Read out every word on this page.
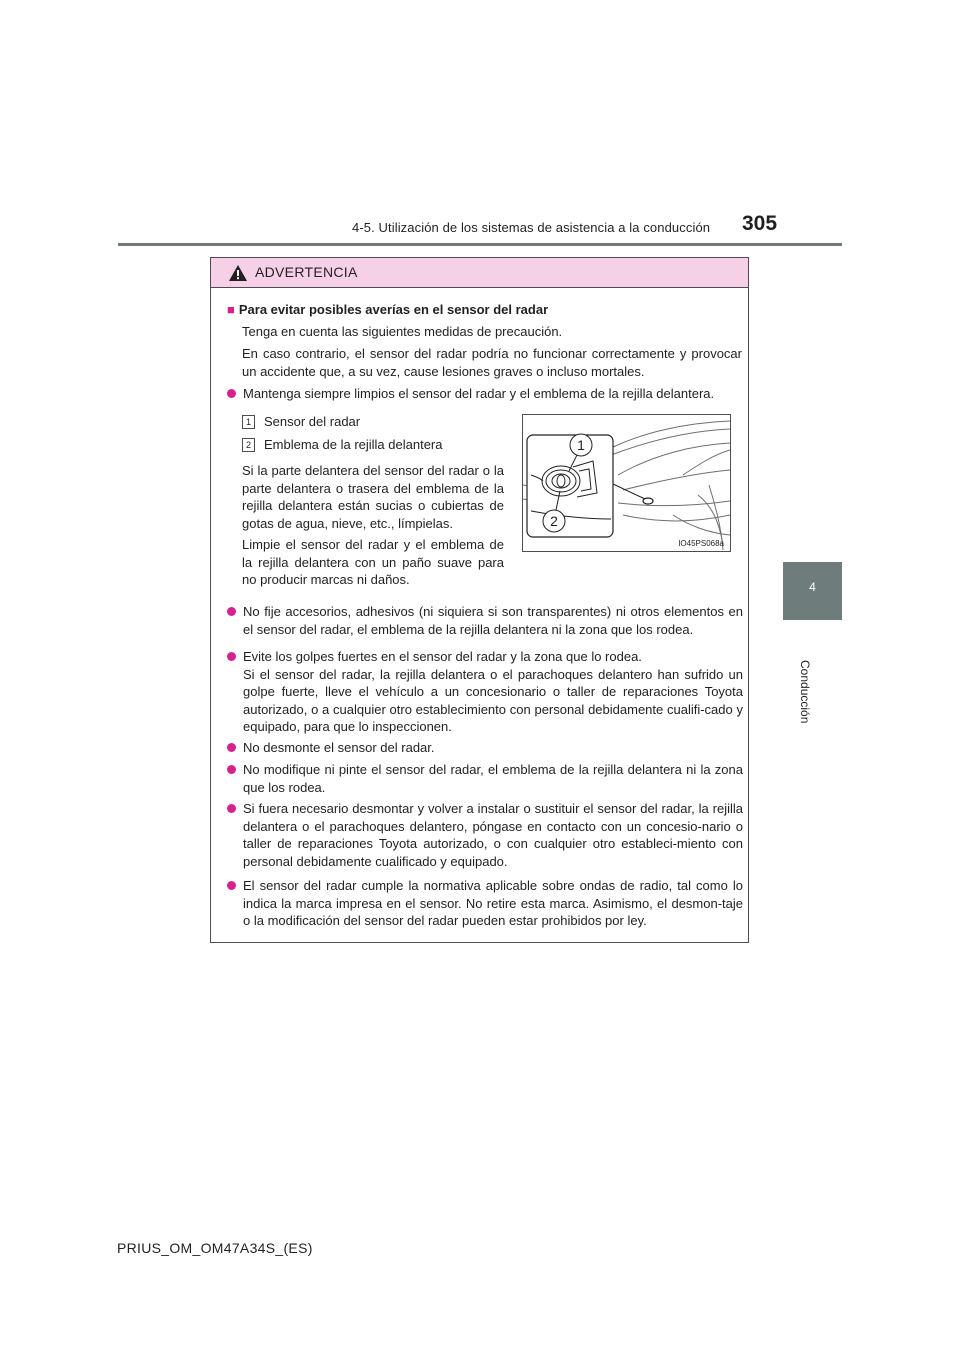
4-5. Utilización de los sistemas de asistencia a la conducción 305
4
Conducción
ADVERTENCIA
■ Para evitar posibles averías en el sensor del radar

Tenga en cuenta las siguientes medidas de precaución.

En caso contrario, el sensor del radar podría no funcionar correctamente y provocar un accidente que, a su vez, cause lesiones graves o incluso mortales.

Mantenga siempre limpios el sensor del radar y el emblema de la rejilla delantera.

1 Sensor del radar

2 Emblema de la rejilla delantera

Si la parte delantera del sensor del radar o la parte delantera o trasera del emblema de la rejilla delantera están sucias o cubiertas de gotas de agua, nieve, etc., límpielas.

Limpie el sensor del radar y el emblema de la rejilla delantera con un paño suave para no producir marcas ni daños.

No fije accesorios, adhesivos (ni siquiera si son transparentes) ni otros elementos en el sensor del radar, el emblema de la rejilla delantera ni la zona que los rodea.

Evite los golpes fuertes en el sensor del radar y la zona que lo rodea.

Si el sensor del radar, la rejilla delantera o el parachoques delantero han sufrido un golpe fuerte, lleve el vehículo a un concesionario o taller de reparaciones Toyota autorizado, o a cualquier otro establecimiento con personal debidamente cualifi-cado y equipado, para que lo inspeccionen.

No desmonte el sensor del radar.

No modifique ni pinte el sensor del radar, el emblema de la rejilla delantera ni la zona que los rodea.

Si fuera necesario desmontar y volver a instalar o sustituir el sensor del radar, la rejilla delantera o el parachoques delantero, póngase en contacto con un concesio-nario o taller de reparaciones Toyota autorizado, o con cualquier otro estableci-miento con personal debidamente cualificado y equipado.

El sensor del radar cumple la normativa aplicable sobre ondas de radio, tal como lo indica la marca impresa en el sensor. No retire esta marca. Asimismo, el desmon-taje o la modificación del sensor del radar pueden estar prohibidos por ley.

1
2
IO45PS068a
PRIUS_OM_OM47A34S_(ES)
